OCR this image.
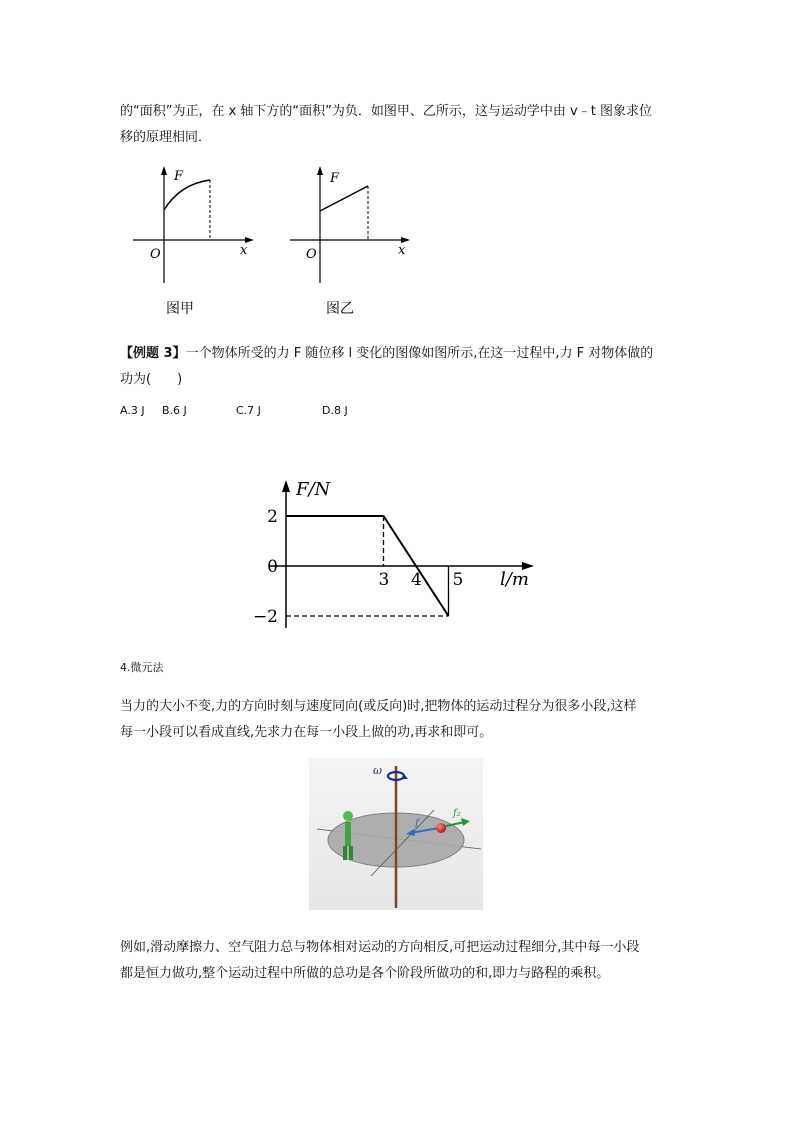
的“面积”为正，在 x 轴下方的“面积”为负．如图甲、乙所示，这与运动学中由 v﹣t 图象求位
移的原理相同．
F
x
O
图甲
F
x
O
图乙
【例题 3】一个物体所受的力 F 随位移 l 变化的图像如图所示,在这一过程中,力 F 对物体做的
功为(　　)
A.3 J B.6 J	C.7 J	D.8 J
F/N
l/m
3 4 5
2
0
−2
4.微元法
当力的大小不变,力的方向时刻与速度同向(或反向)时,把物体的运动过程分为很多小段,这样
每一小段可以看成直线,先求力在每一小段上做的功,再求和即可。
ω
f
f₂
例如,滑动摩擦力、空气阻力总与物体相对运动的方向相反,可把运动过程细分,其中每一小段
都是恒力做功,整个运动过程中所做的总功是各个阶段所做功的和,即力与路程的乘积。
